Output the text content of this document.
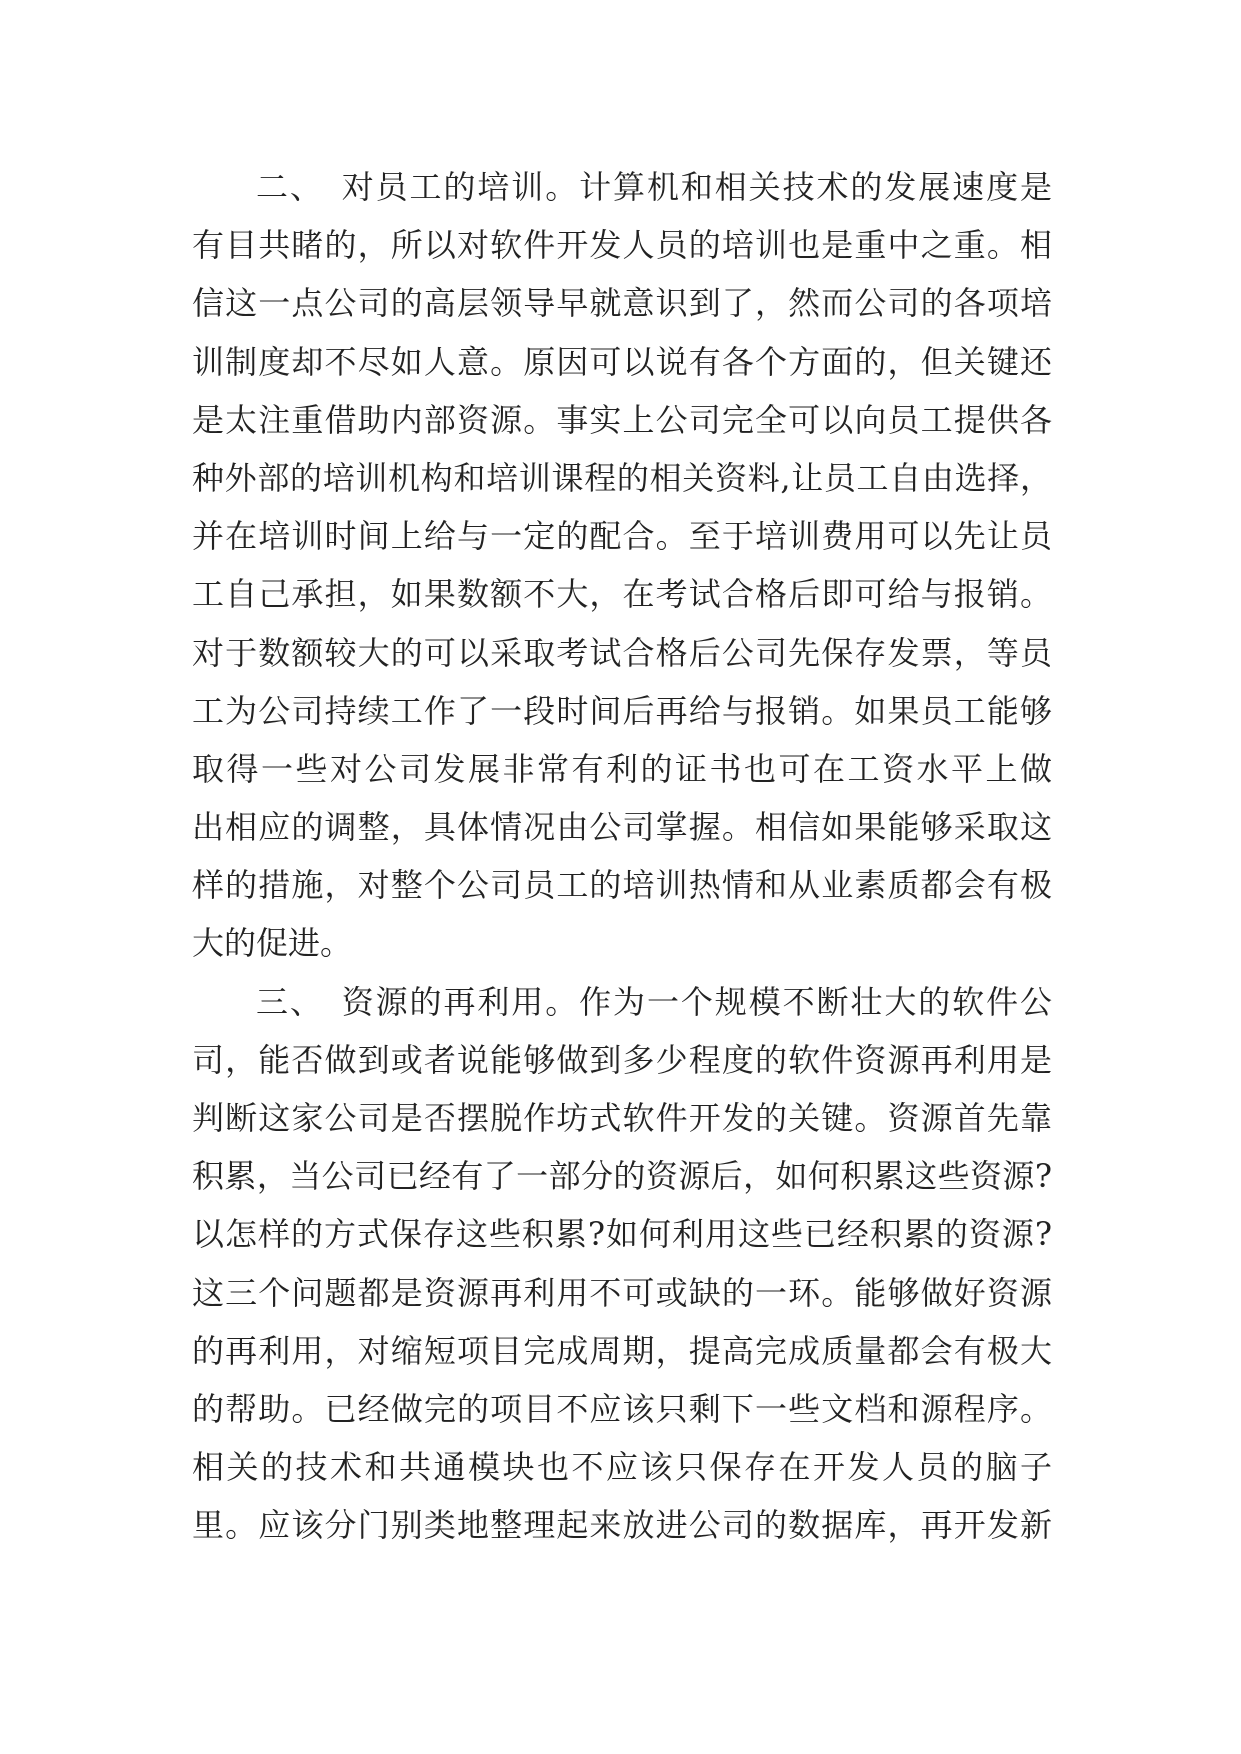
二、　对员工的培训。计算机和相关技术的发展速度是
有目共睹的，所以对软件开发人员的培训也是重中之重。相
信这一点公司的高层领导早就意识到了，然而公司的各项培
训制度却不尽如人意。原因可以说有各个方面的，但关键还
是太注重借助内部资源。事实上公司完全可以向员工提供各
种外部的培训机构和培训课程的相关资料,让员工自由选择，
并在培训时间上给与一定的配合。至于培训费用可以先让员
工自己承担，如果数额不大，在考试合格后即可给与报销。
对于数额较大的可以采取考试合格后公司先保存发票，等员
工为公司持续工作了一段时间后再给与报销。如果员工能够
取得一些对公司发展非常有利的证书也可在工资水平上做
出相应的调整，具体情况由公司掌握。相信如果能够采取这
样的措施，对整个公司员工的培训热情和从业素质都会有极
大的促进。
三、　资源的再利用。作为一个规模不断壮大的软件公
司，能否做到或者说能够做到多少程度的软件资源再利用是
判断这家公司是否摆脱作坊式软件开发的关键。资源首先靠
积累，当公司已经有了一部分的资源后，如何积累这些资源?
以怎样的方式保存这些积累?如何利用这些已经积累的资源?
这三个问题都是资源再利用不可或缺的一环。能够做好资源
的再利用，对缩短项目完成周期，提高完成质量都会有极大
的帮助。已经做完的项目不应该只剩下一些文档和源程序。
相关的技术和共通模块也不应该只保存在开发人员的脑子
里。应该分门别类地整理起来放进公司的数据库，再开发新
